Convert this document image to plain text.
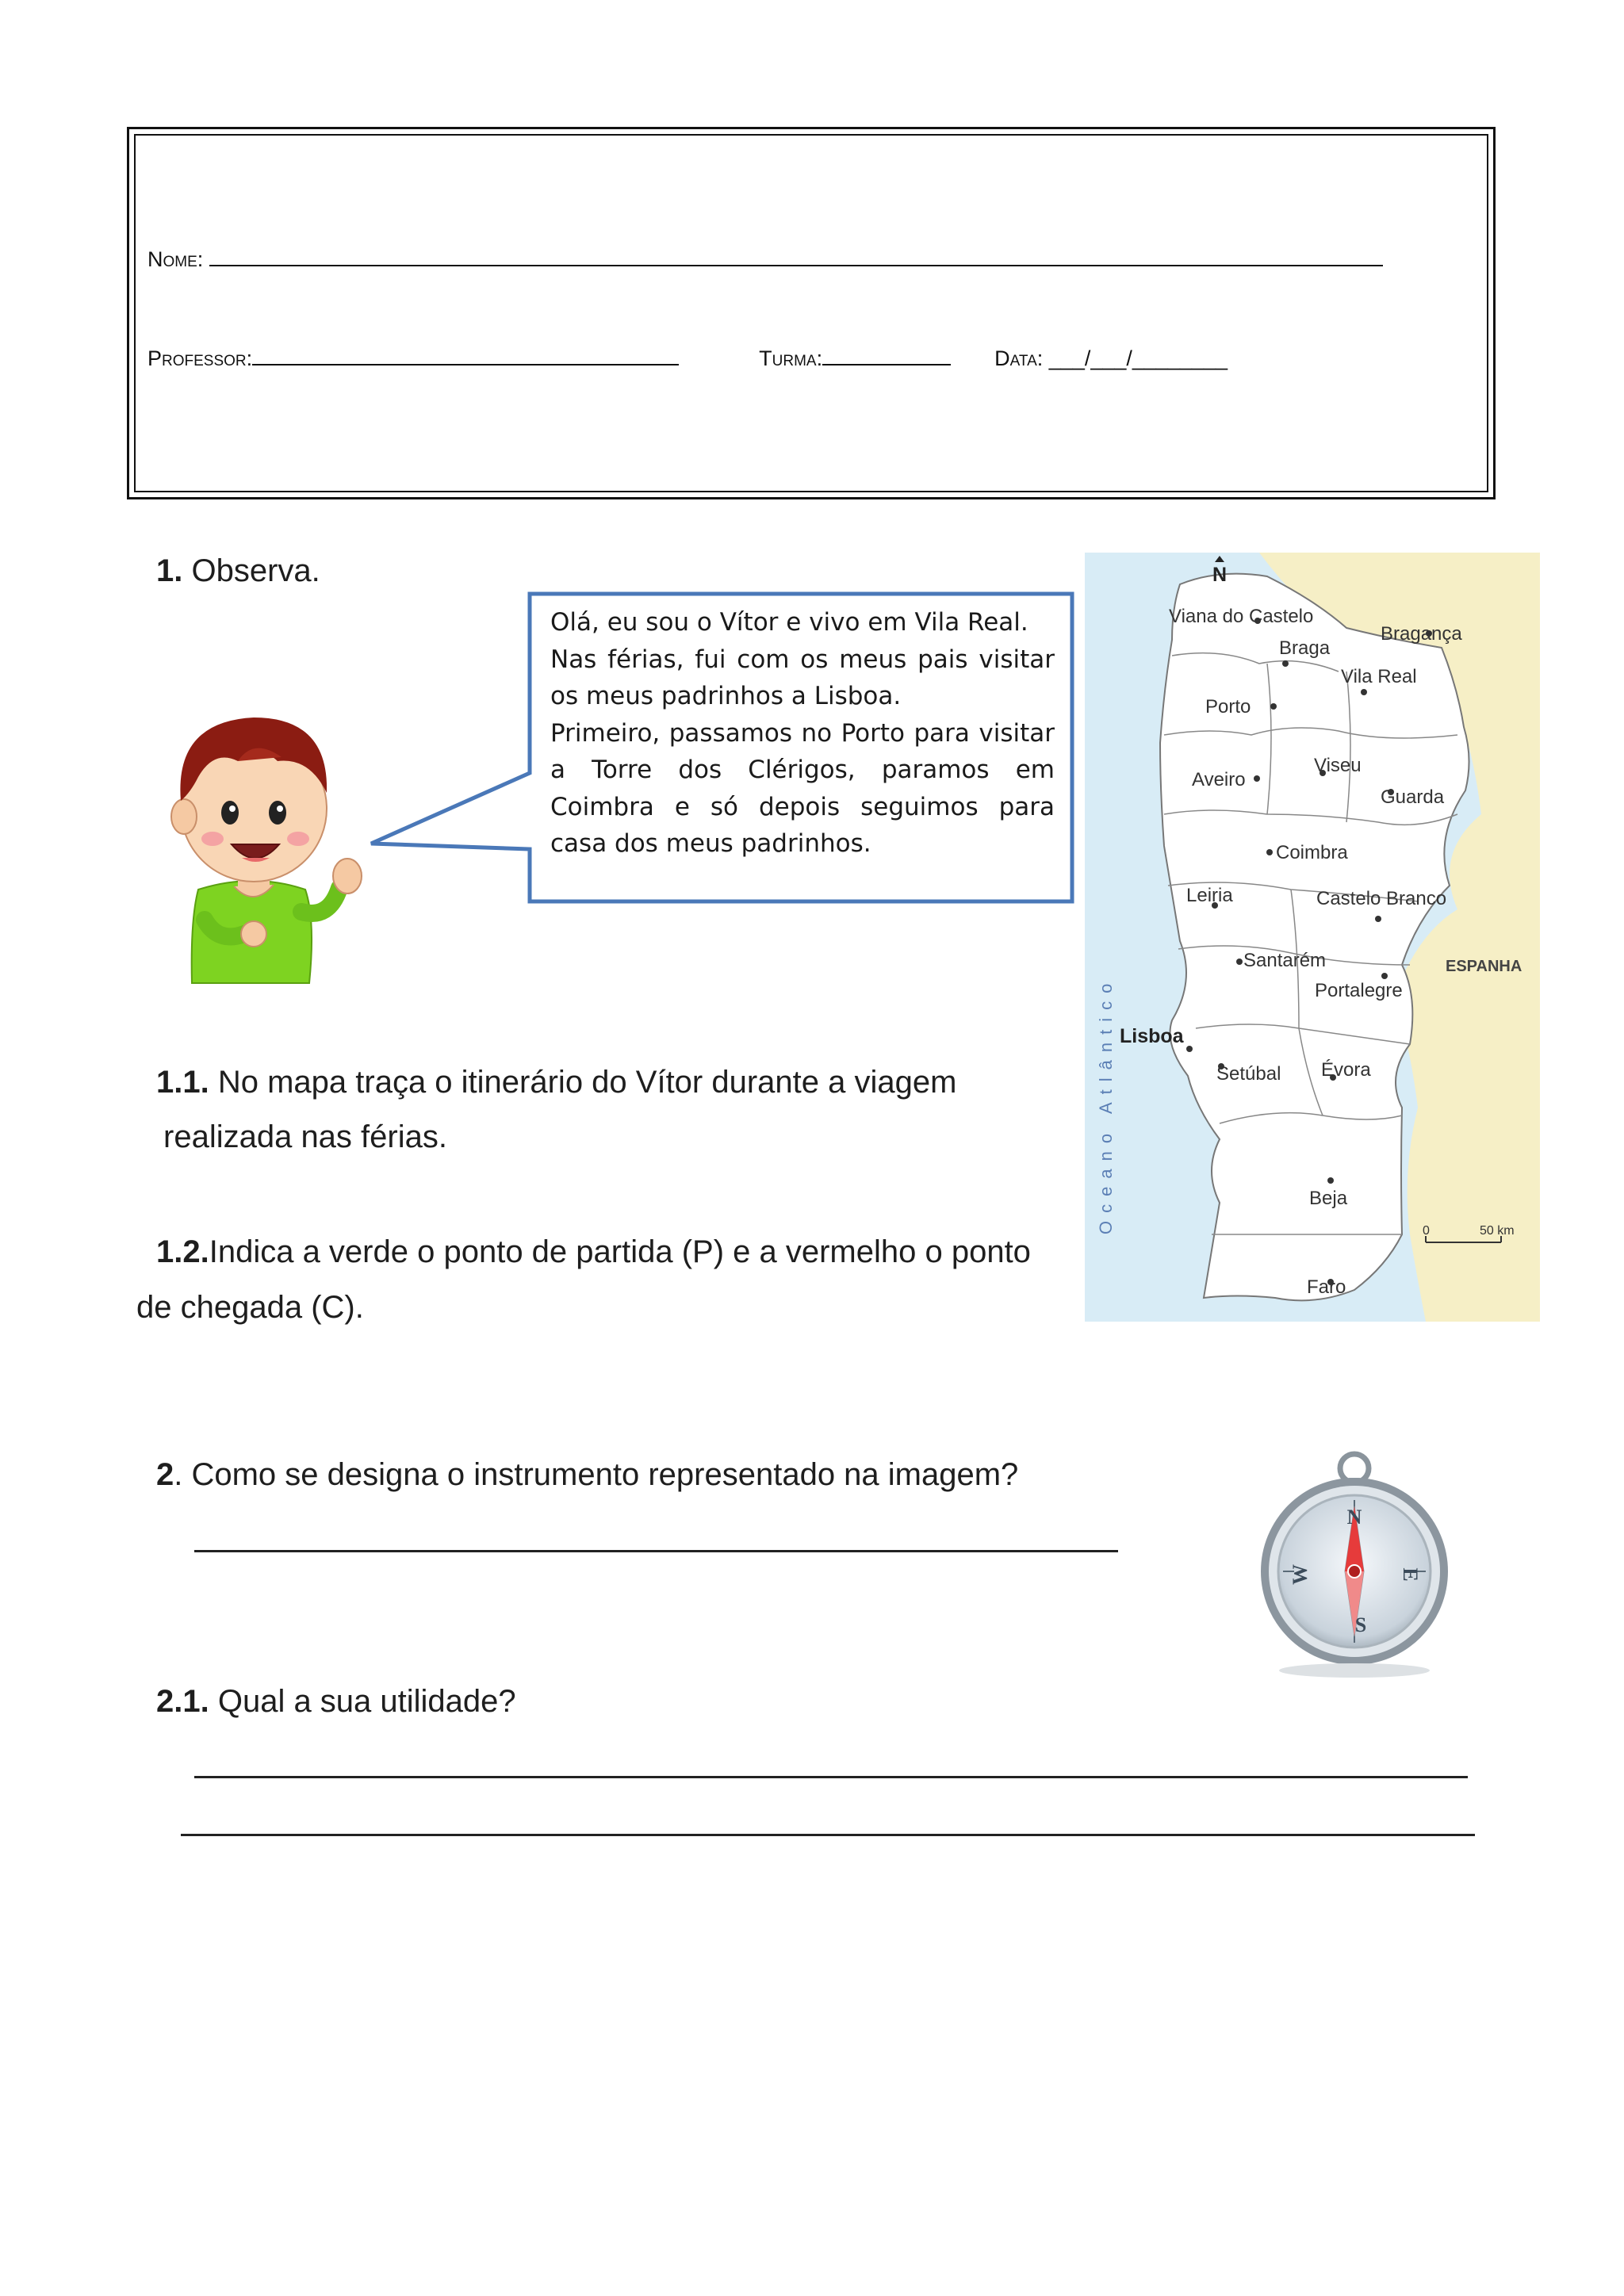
Nome:
Professor:	Turma:	Data: ___/___/________
1. Observa.

Olá, eu sou o Vítor e vivo em Vila Real.

Nas férias, fui com os meus pais visitar os meus padrinhos a Lisboa.

Primeiro, passamos no Porto para visitar a Torre dos Clérigos, paramos em Coimbra e só depois seguimos para casa dos meus padrinhos.

N
Oceano Atlântico
ESPANHA
Viana do Castelo
Braga
Bragança
Vila Real
Porto
Aveiro
Viseu
Guarda
Coimbra
Leiria	Castelo Branco
Santarém
Portalegre
Lisboa
Setúbal Évora
Beja
Faro
0	50 km
1.1. No mapa traça o itinerário do Vítor durante a viagem
realizada nas férias.
1.2.Indica a verde o ponto de partida (P) e a vermelho o ponto
de chegada (C).
2. Como se designa o instrumento representado na imagem?
N
S
E
W
2.1. Qual a sua utilidade?
